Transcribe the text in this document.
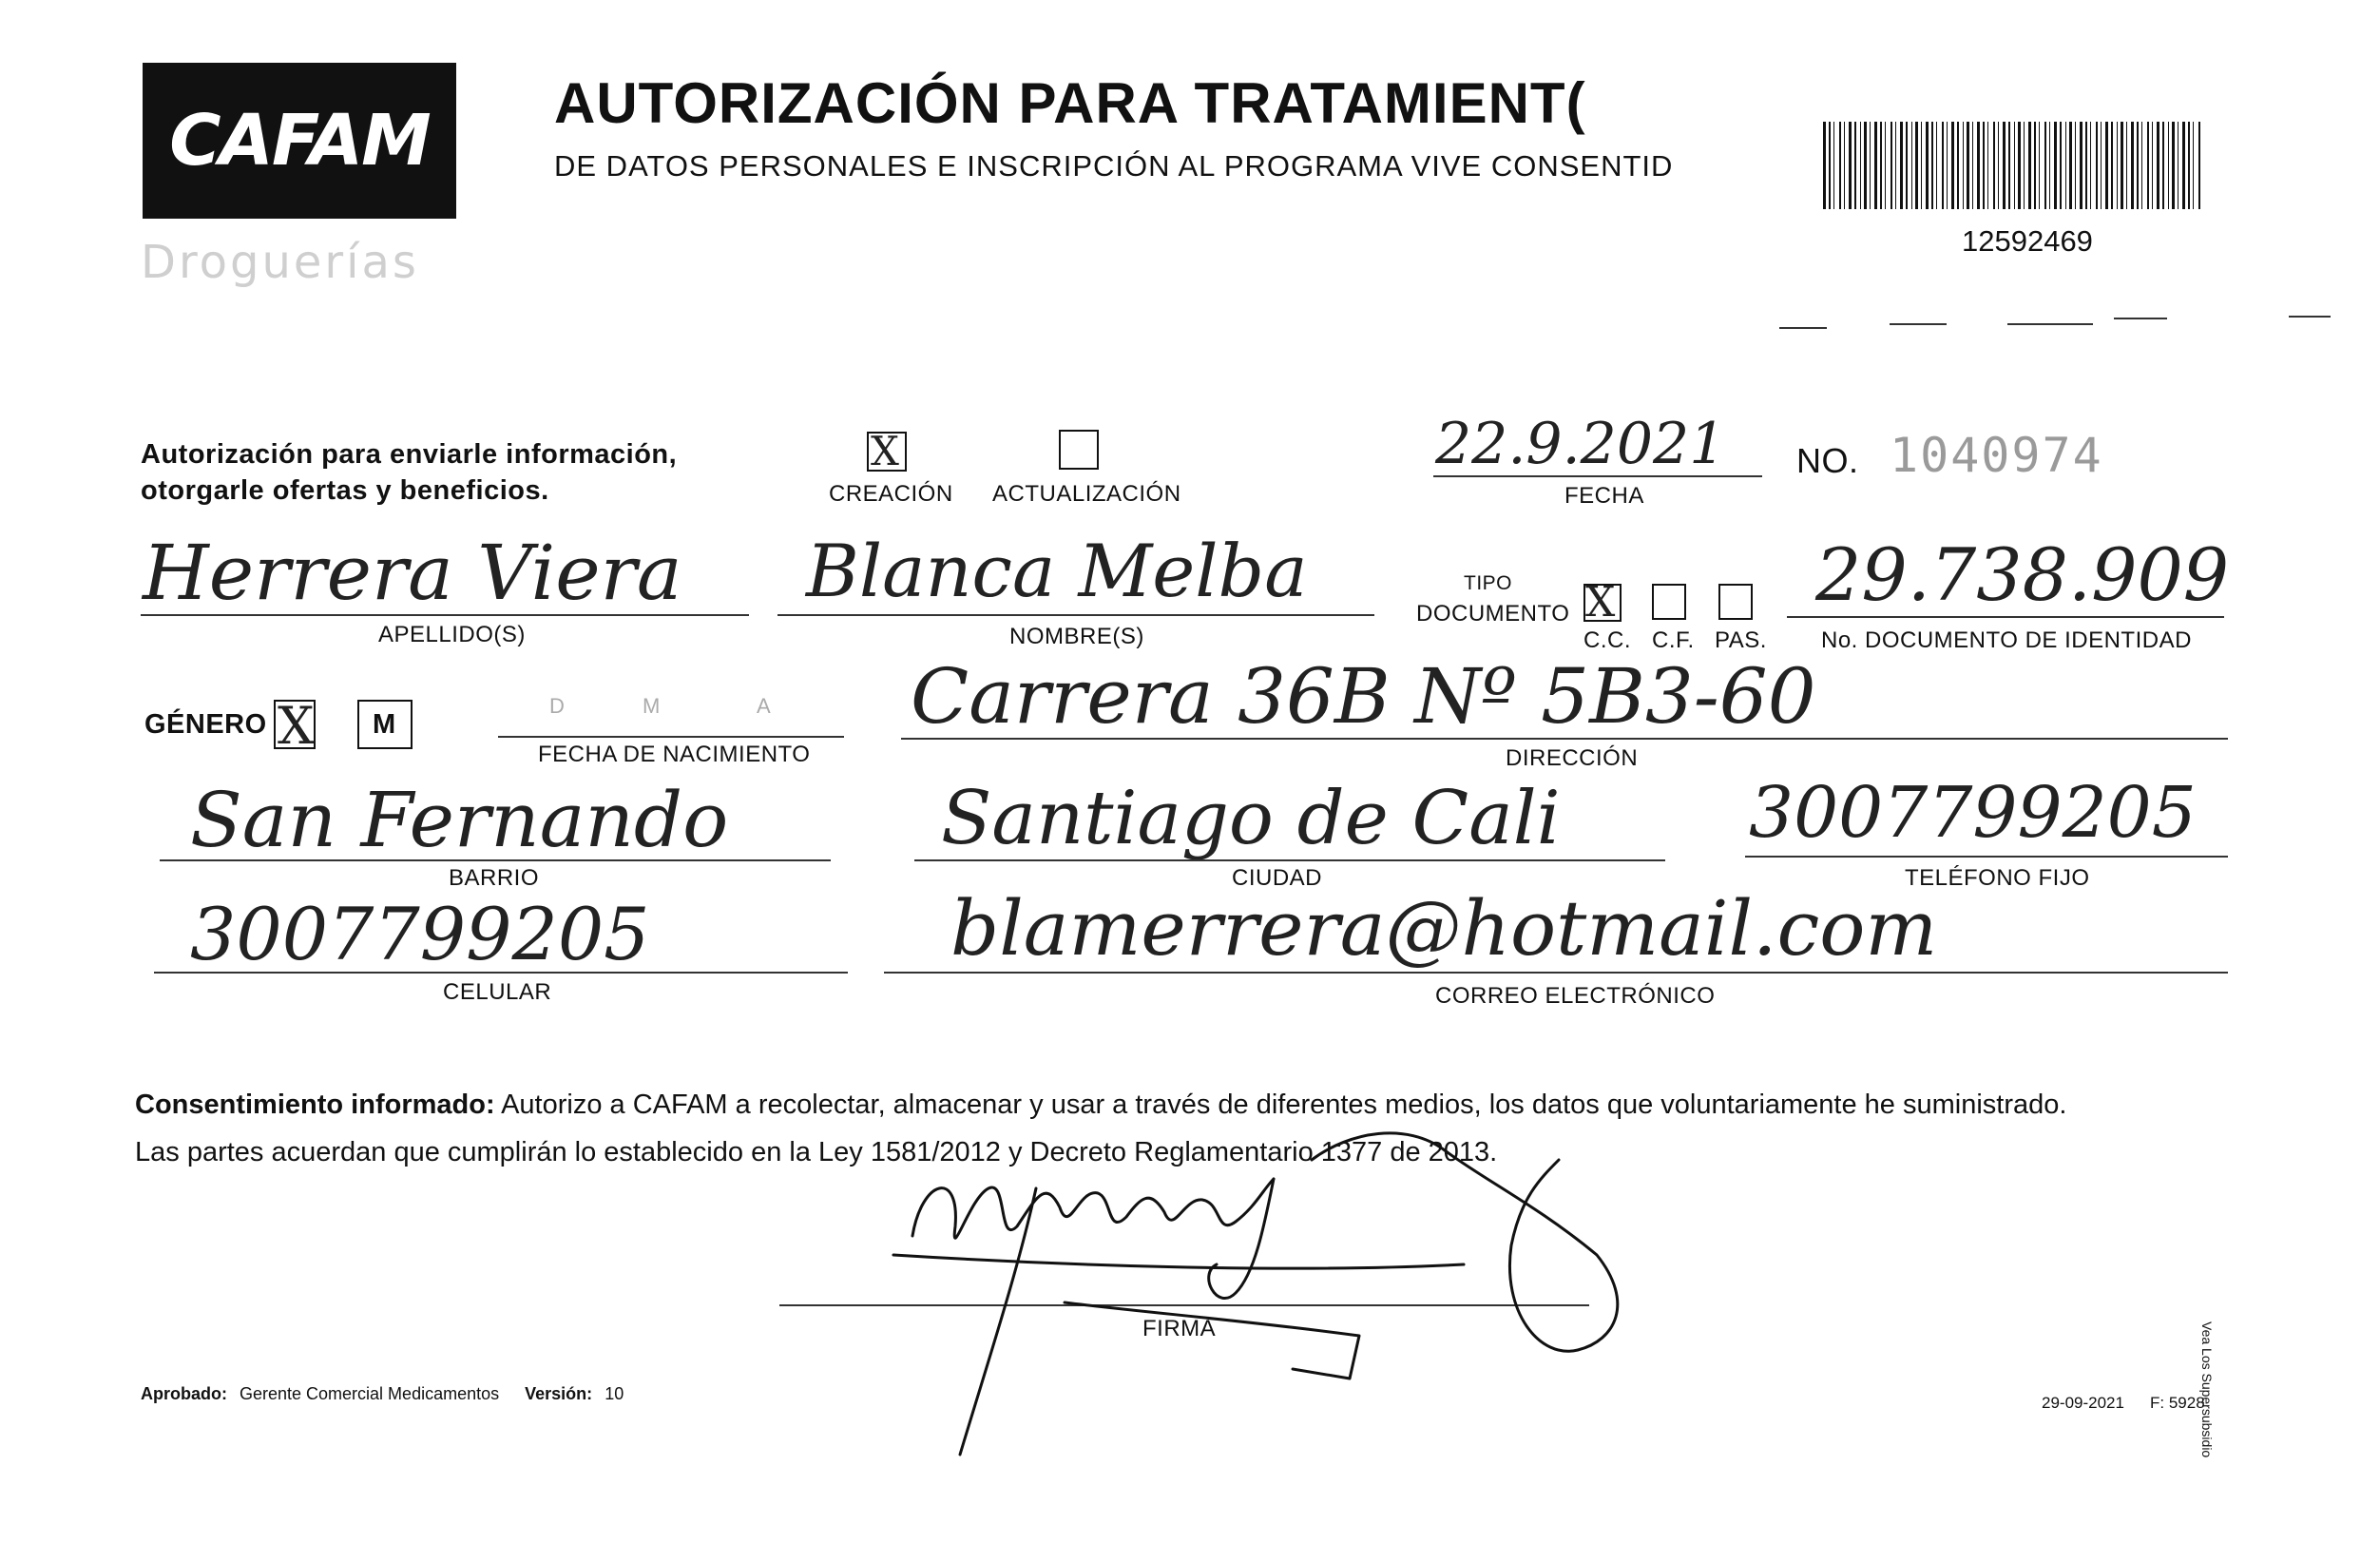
CAFAM
Droguerías
AUTORIZACIÓN PARA TRATAMIENT(
DE DATOS PERSONALES E INSCRIPCIÓN AL PROGRAMA VIVE CONSENTID
12592469
Autorización para enviarle información,
otorgarle ofertas y beneficios.
X
CREACIÓN ACTUALIZACIÓN
22.9.2021
FECHA
NO. 1040974
Herrera Viera
APELLIDO(S)
Blanca Melba
NOMBRE(S)
TIPO
DOCUMENTO X
C.C. C.F. PAS.
29.738.909
No. DOCUMENTO DE IDENTIDAD
GÉNERO X M
D	M	A
FECHA DE NACIMIENTO
Carrera 36B Nº 5B3-60
DIRECCIÓN
San Fernando
BARRIO
Santiago de Cali
CIUDAD
3007799205
TELÉFONO FIJO
3007799205
CELULAR
blamerrera@hotmail.com
CORREO ELECTRÓNICO
Consentimiento informado: Autorizo a CAFAM a recolectar, almacenar y usar a través de diferentes medios, los datos que voluntariamente he suministrado.
Las partes acuerdan que cumplirán lo establecido en la Ley 1581/2012 y Decreto Reglamentario 1377 de 2013.
FIRMA
Aprobado: Gerente Comercial Medicamentos Versión: 10	29-09-2021 F: 5928
Vea Los Supersubsidio
